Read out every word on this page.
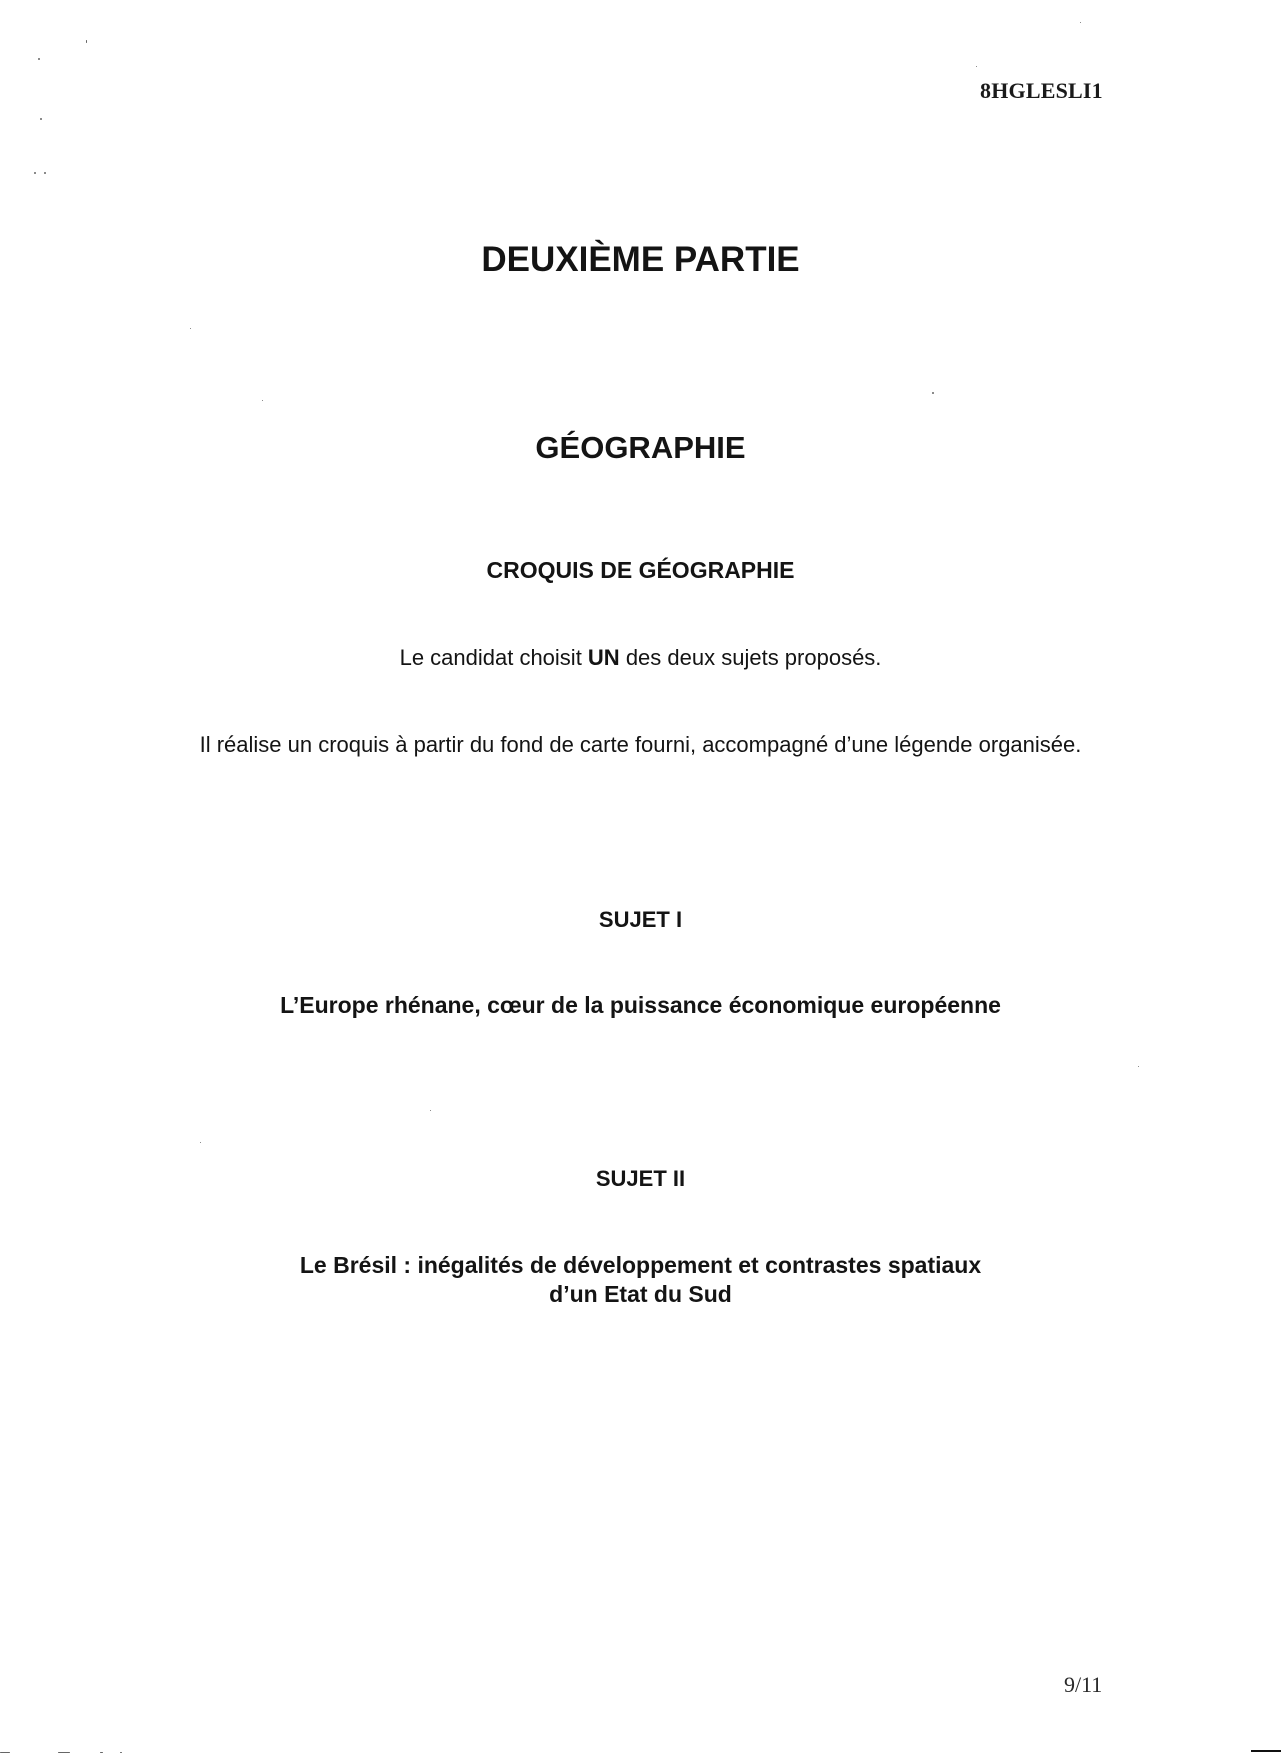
8HGLESLI1
DEUXIÈME PARTIE
GÉOGRAPHIE
CROQUIS DE GÉOGRAPHIE
Le candidat choisit UN des deux sujets proposés.
Il réalise un croquis à partir du fond de carte fourni, accompagné d’une légende organisée.
SUJET I
L’Europe rhénane, cœur de la puissance économique européenne
SUJET II
Le Brésil : inégalités de développement et contrastes spatiaux
d’un Etat du Sud
9/11
